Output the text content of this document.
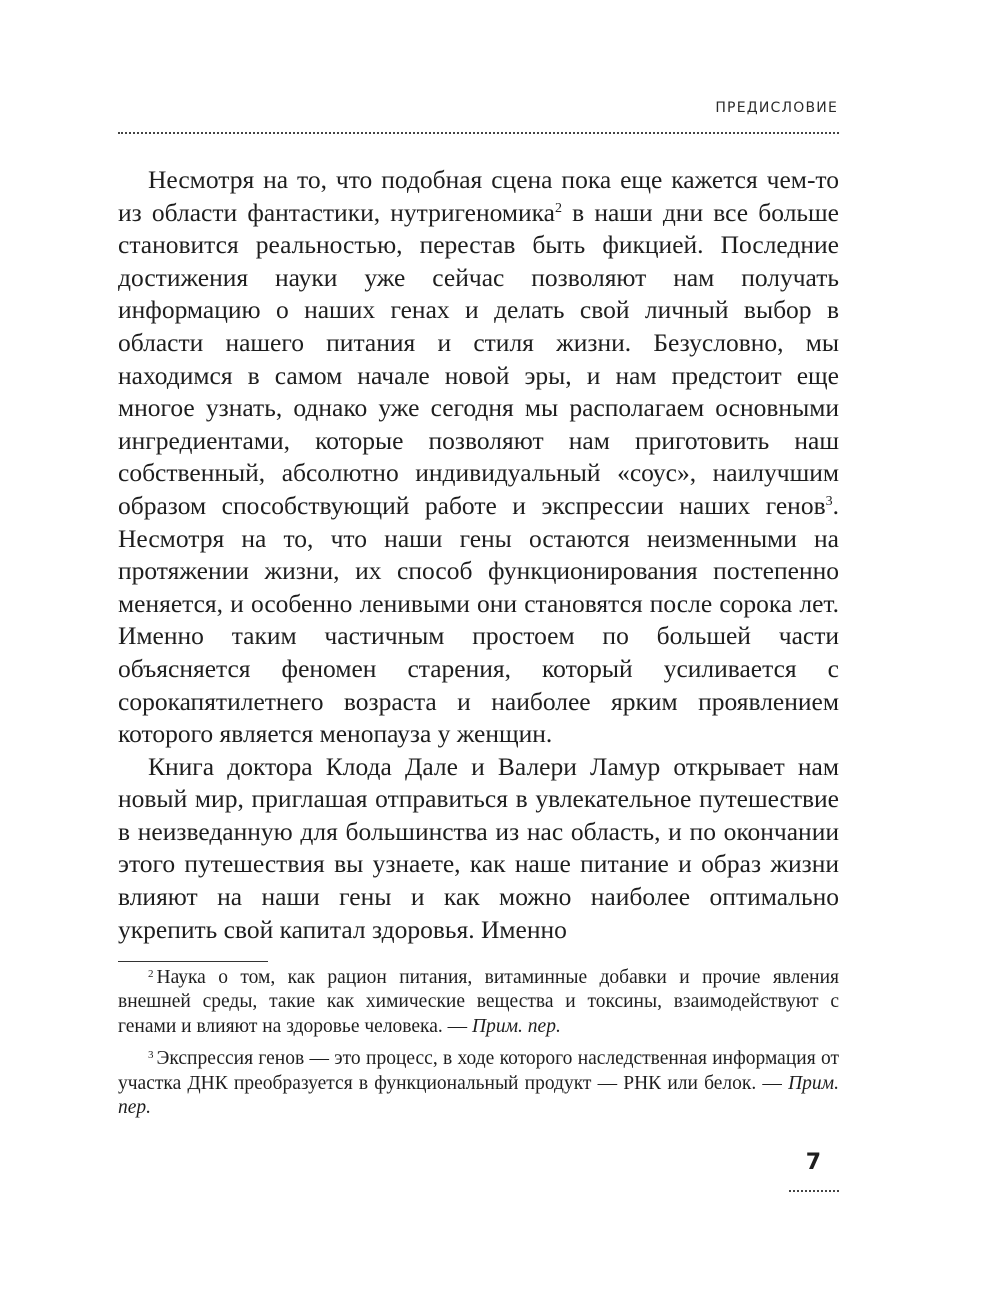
ПРЕДИСЛОВИЕ

Несмотря на то, что подобная сцена пока еще кажется чем-то из области фантастики, нутригеномика$^2$ в наши дни все больше становится реальностью, перестав быть фикцией. Последние достижения науки уже сейчас позволяют нам получать информацию о наших генах и делать свой личный выбор в области нашего питания и стиля жизни. Безусловно, мы находимся в самом начале новой эры, и нам предстоит еще многое узнать, однако уже сегодня мы располагаем основными ингредиентами, которые позволяют нам приготовить наш собственный, абсолютно индивидуальный «соус», наилучшим образом способствующий работе и экспрессии наших генов$^3$. Несмотря на то, что наши гены остаются неизменными на протяжении жизни, их способ функционирования постепенно меняется, и особенно ленивыми они становятся после сорока лет. Именно таким частичным простоем по большей части объясняется феномен старения, который усиливается с сорокапятилетнего возраста и наиболее ярким проявлением которого является менопауза у женщин.

Книга доктора Клода Дале и Валери Ламур открывает нам новый мир, приглашая отправиться в увлекательное путешествие в неизведанную для большинства из нас область, и по окончании этого путешествия вы узнаете, как наше питание и образ жизни влияют на наши гены и как можно наиболее оптимально укрепить свой капитал здоровья. Именно

$^2$ Наука о том, как рацион питания, витаминные добавки и прочие явления внешней среды, такие как химические вещества и токсины, взаимодействуют с генами и влияют на здоровье человека. — Прим. пер.

$^3$ Экспрессия генов — это процесс, в ходе которого наследственная информация от участка ДНК преобразуется в функциональный продукт — РНК или белок. — Прим. пер.

7
